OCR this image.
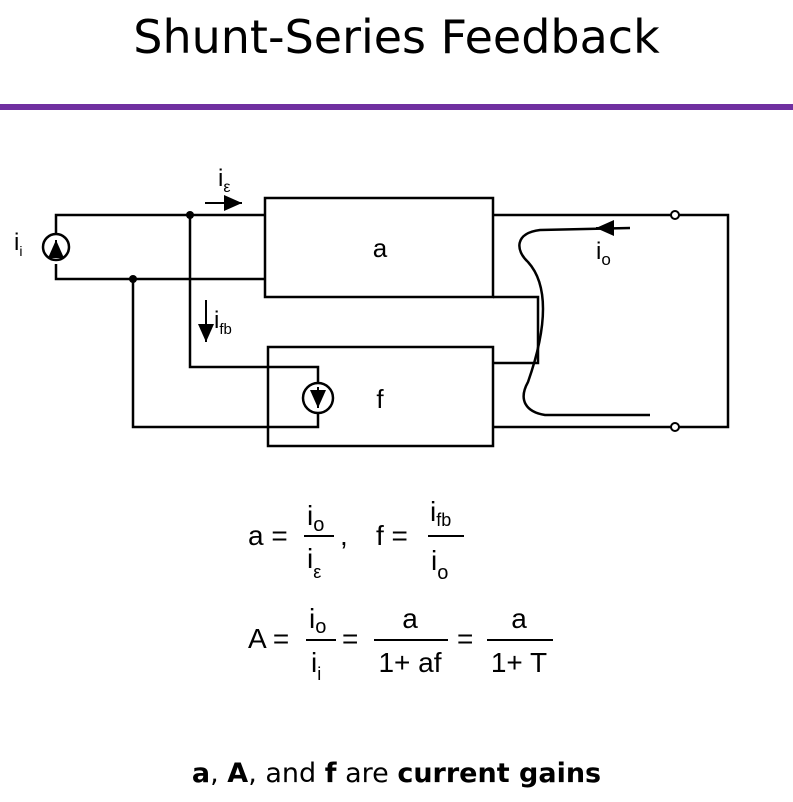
Shunt-Series Feedback
a
f
$i_i$
$i_\varepsilon$
$i_{fb}$
$i_o$
a =
$i_o$
$i_\varepsilon$
, f =
ifb
$i_o$
A =
io
$i_i$
=
a
1+ af
=
a
1+ T
a, A, and f are current gains
